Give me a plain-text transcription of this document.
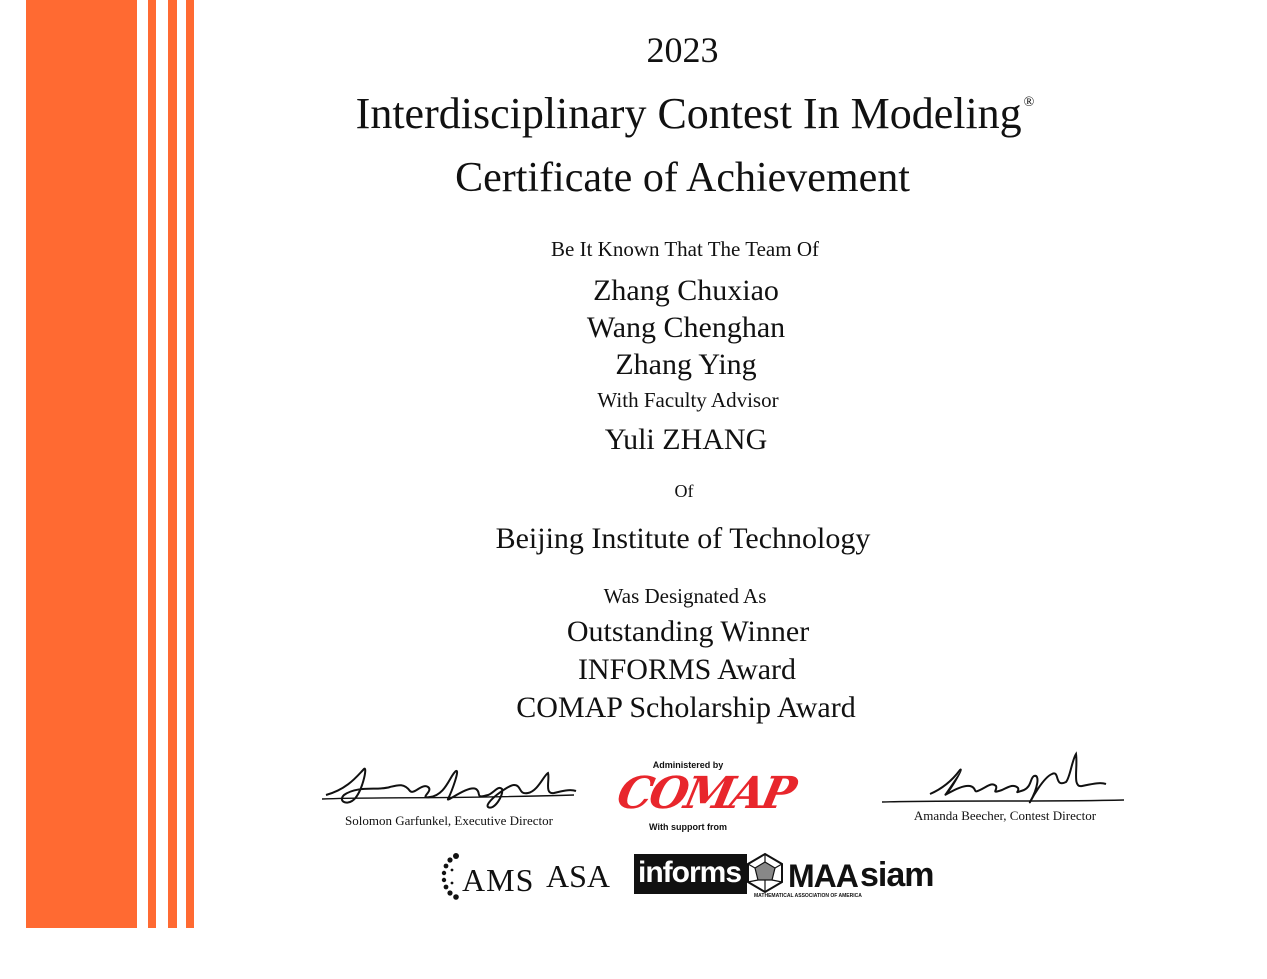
2023
Interdisciplinary Contest In Modeling ®
Certificate of Achievement
Be It Known That The Team Of
Zhang Chuxiao
Wang Chenghan
Zhang Ying
With Faculty Advisor
Yuli ZHANG
Of
Beijing Institute of Technology
Was Designated As
Outstanding Winner
INFORMS Award
COMAP Scholarship Award
Solomon Garfunkel, Executive Director	Amanda Beecher, Contest Director
Administered by
COMAP
With support from
AMS ASA informs MAA
MATHEMATICAL ASSOCIATION OF AMERICA
siam
